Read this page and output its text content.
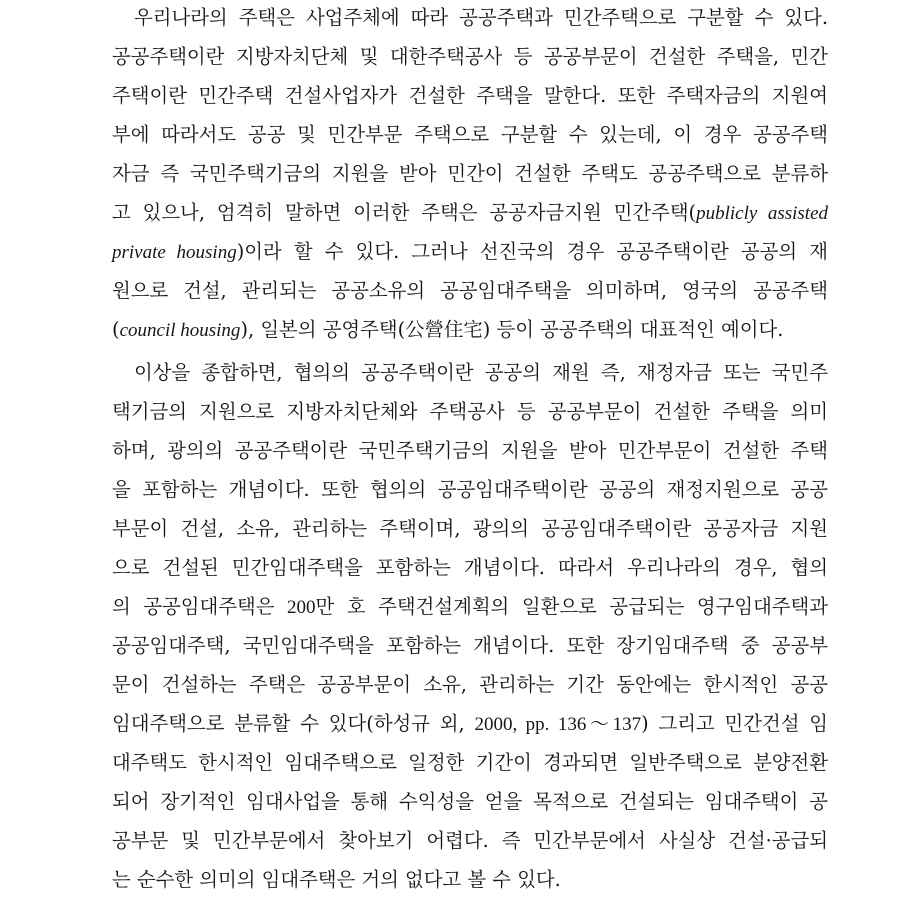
우리나라의 주택은 사업주체에 따라 공공주택과 민간주택으로 구분할 수 있다.
공공주택이란 지방자치단체 및 대한주택공사 등 공공부문이 건설한 주택을, 민간
주택이란 민간주택 건설사업자가 건설한 주택을 말한다. 또한 주택자금의 지원여
부에 따라서도 공공 및 민간부문 주택으로 구분할 수 있는데, 이 경우 공공주택
자금 즉 국민주택기금의 지원을 받아 민간이 건설한 주택도 공공주택으로 분류하
고 있으나, 엄격히 말하면 이러한 주택은 공공자금지원 민간주택(publicly assisted
private housing)이라 할 수 있다. 그러나 선진국의 경우 공공주택이란 공공의 재
원으로 건설, 관리되는 공공소유의 공공임대주택을 의미하며, 영국의 공공주택
(council housing), 일본의 공영주택(公營住宅) 등이 공공주택의 대표적인 예이다.
이상을 종합하면, 협의의 공공주택이란 공공의 재원 즉, 재정자금 또는 국민주
택기금의 지원으로 지방자치단체와 주택공사 등 공공부문이 건설한 주택을 의미
하며, 광의의 공공주택이란 국민주택기금의 지원을 받아 민간부문이 건설한 주택
을 포함하는 개념이다. 또한 협의의 공공임대주택이란 공공의 재정지원으로 공공
부문이 건설, 소유, 관리하는 주택이며, 광의의 공공임대주택이란 공공자금 지원
으로 건설된 민간임대주택을 포함하는 개념이다. 따라서 우리나라의 경우, 협의
의 공공임대주택은 200만 호 주택건설계획의 일환으로 공급되는 영구임대주택과
공공임대주택, 국민임대주택을 포함하는 개념이다. 또한 장기임대주택 중 공공부
문이 건설하는 주택은 공공부문이 소유, 관리하는 기간 동안에는 한시적인 공공
임대주택으로 분류할 수 있다(하성규 외, 2000, pp. 136～137) 그리고 민간건설 임
대주택도 한시적인 임대주택으로 일정한 기간이 경과되면 일반주택으로 분양전환
되어 장기적인 임대사업을 통해 수익성을 얻을 목적으로 건설되는 임대주택이 공
공부문 및 민간부문에서 찾아보기 어렵다. 즉 민간부문에서 사실상 건설·공급되
는 순수한 의미의 임대주택은 거의 없다고 볼 수 있다.
